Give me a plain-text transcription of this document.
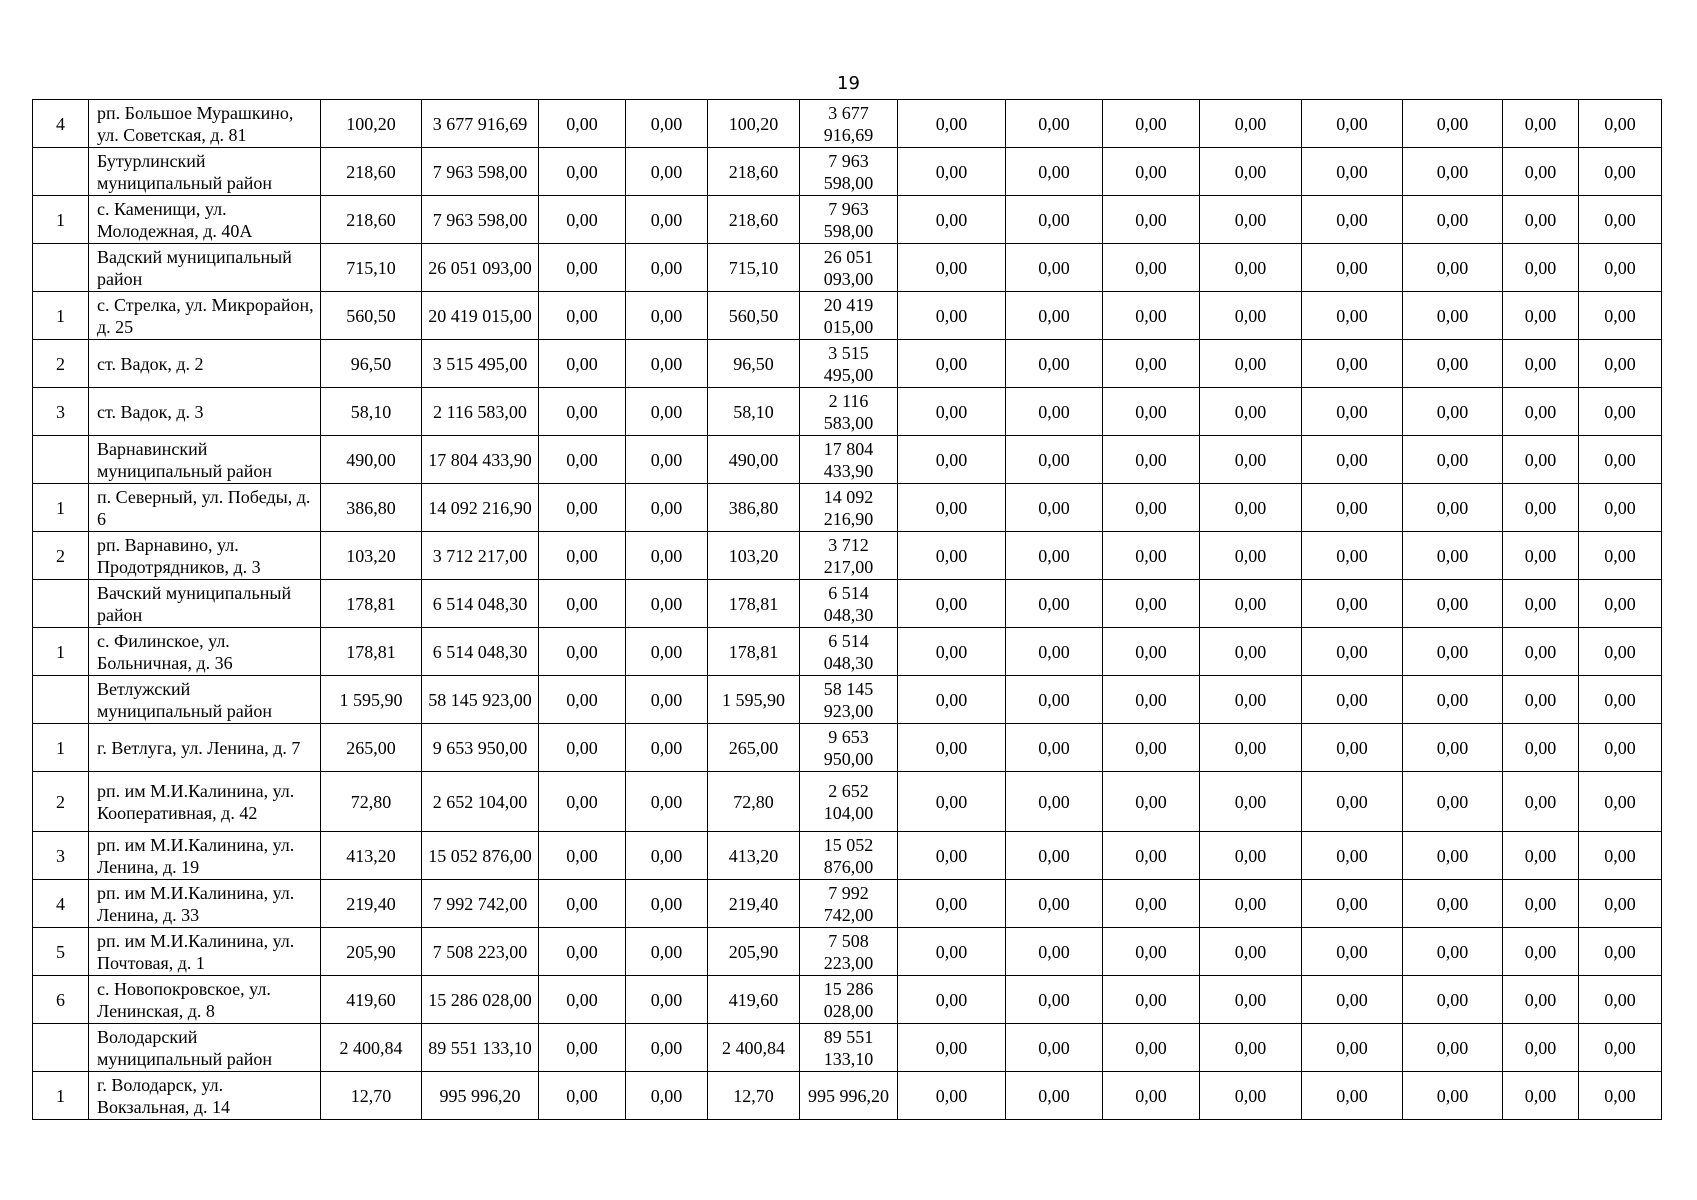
19
4	рп. Большое Мурашкино, ул. Советская, д. 81	100,20	3 677 916,69	0,00	0,00	100,20	3 677 916,69	0,00	0,00	0,00	0,00	0,00	0,00	0,00	0,00
	Бутурлинский муниципальный район	218,60	7 963 598,00	0,00	0,00	218,60	7 963 598,00	0,00	0,00	0,00	0,00	0,00	0,00	0,00	0,00
1	с. Каменищи, ул. Молодежная, д. 40А	218,60	7 963 598,00	0,00	0,00	218,60	7 963 598,00	0,00	0,00	0,00	0,00	0,00	0,00	0,00	0,00
	Вадский муниципальный район	715,10	26 051 093,00	0,00	0,00	715,10	26 051 093,00	0,00	0,00	0,00	0,00	0,00	0,00	0,00	0,00
1	с. Стрелка, ул. Микрорайон, д. 25	560,50	20 419 015,00	0,00	0,00	560,50	20 419 015,00	0,00	0,00	0,00	0,00	0,00	0,00	0,00	0,00
2	ст. Вадок, д. 2	96,50	3 515 495,00	0,00	0,00	96,50	3 515 495,00	0,00	0,00	0,00	0,00	0,00	0,00	0,00	0,00
3	ст. Вадок, д. 3	58,10	2 116 583,00	0,00	0,00	58,10	2 116 583,00	0,00	0,00	0,00	0,00	0,00	0,00	0,00	0,00
	Варнавинский муниципальный район	490,00	17 804 433,90	0,00	0,00	490,00	17 804 433,90	0,00	0,00	0,00	0,00	0,00	0,00	0,00	0,00
1	п. Северный, ул. Победы, д. 6	386,80	14 092 216,90	0,00	0,00	386,80	14 092 216,90	0,00	0,00	0,00	0,00	0,00	0,00	0,00	0,00
2	рп. Варнавино, ул. Продотрядников, д. 3	103,20	3 712 217,00	0,00	0,00	103,20	3 712 217,00	0,00	0,00	0,00	0,00	0,00	0,00	0,00	0,00
	Вачский муниципальный район	178,81	6 514 048,30	0,00	0,00	178,81	6 514 048,30	0,00	0,00	0,00	0,00	0,00	0,00	0,00	0,00
1	с. Филинское, ул. Больничная, д. 36	178,81	6 514 048,30	0,00	0,00	178,81	6 514 048,30	0,00	0,00	0,00	0,00	0,00	0,00	0,00	0,00
	Ветлужский муниципальный район	1 595,90	58 145 923,00	0,00	0,00	1 595,90	58 145 923,00	0,00	0,00	0,00	0,00	0,00	0,00	0,00	0,00
1	г. Ветлуга, ул. Ленина, д. 7	265,00	9 653 950,00	0,00	0,00	265,00	9 653 950,00	0,00	0,00	0,00	0,00	0,00	0,00	0,00	0,00
2	рп. им М.И.Калинина, ул. Кооперативная, д. 42	72,80	2 652 104,00	0,00	0,00	72,80	2 652 104,00	0,00	0,00	0,00	0,00	0,00	0,00	0,00	0,00
3	рп. им М.И.Калинина, ул. Ленина, д. 19	413,20	15 052 876,00	0,00	0,00	413,20	15 052 876,00	0,00	0,00	0,00	0,00	0,00	0,00	0,00	0,00
4	рп. им М.И.Калинина, ул. Ленина, д. 33	219,40	7 992 742,00	0,00	0,00	219,40	7 992 742,00	0,00	0,00	0,00	0,00	0,00	0,00	0,00	0,00
5	рп. им М.И.Калинина, ул. Почтовая, д. 1	205,90	7 508 223,00	0,00	0,00	205,90	7 508 223,00	0,00	0,00	0,00	0,00	0,00	0,00	0,00	0,00
6	с. Новопокровское, ул. Ленинская, д. 8	419,60	15 286 028,00	0,00	0,00	419,60	15 286 028,00	0,00	0,00	0,00	0,00	0,00	0,00	0,00	0,00
	Володарский муниципальный район	2 400,84	89 551 133,10	0,00	0,00	2 400,84	89 551 133,10	0,00	0,00	0,00	0,00	0,00	0,00	0,00	0,00
1	г. Володарск, ул. Вокзальная, д. 14	12,70	995 996,20	0,00	0,00	12,70	995 996,20	0,00	0,00	0,00	0,00	0,00	0,00	0,00	0,00
